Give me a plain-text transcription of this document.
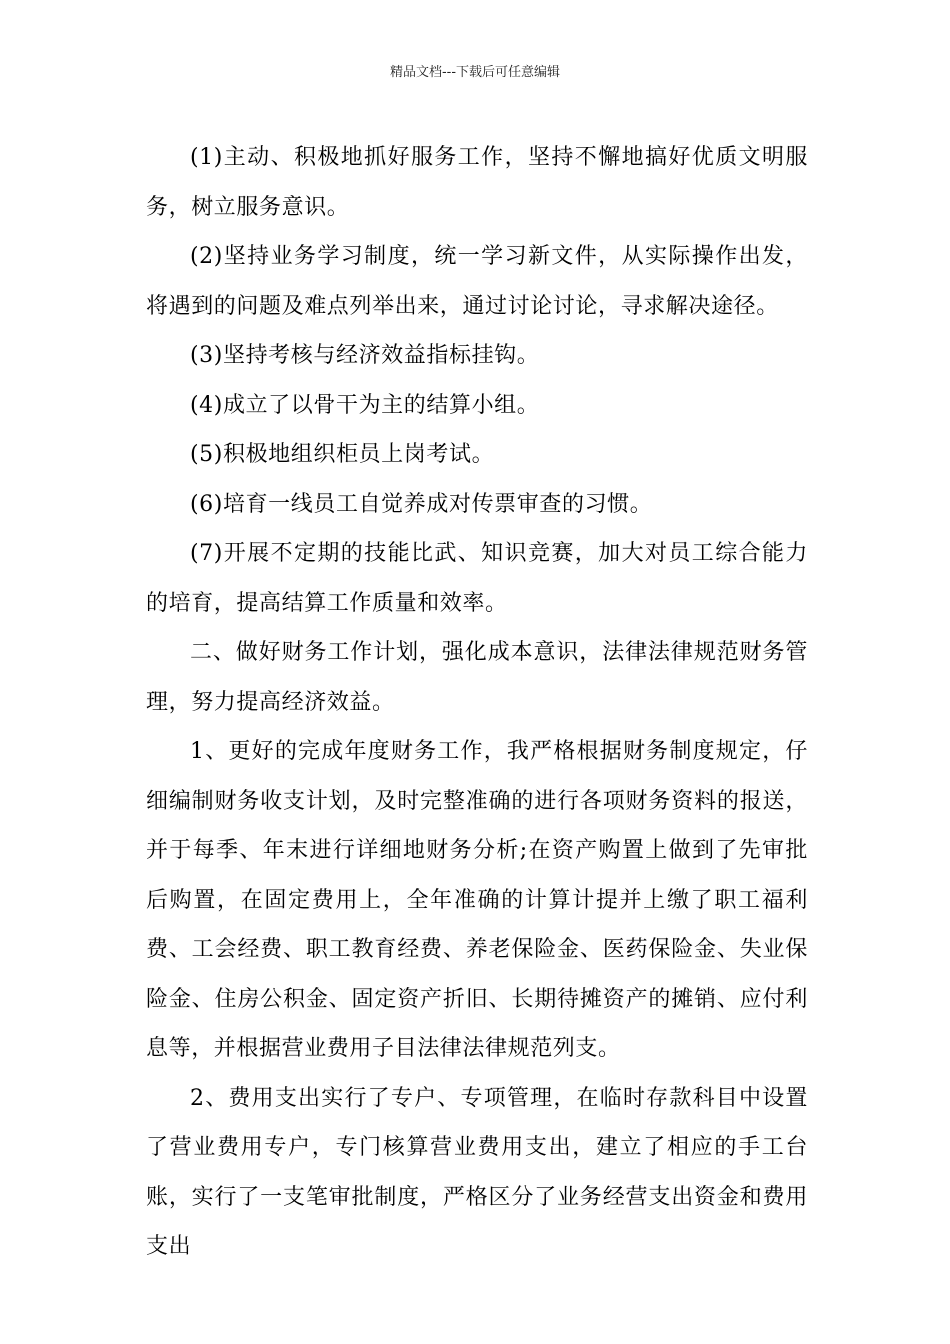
精品文档---下载后可任意编辑

(1)主动、积极地抓好服务工作，坚持不懈地搞好优质文明服务，树立服务意识。

(2)坚持业务学习制度，统一学习新文件，从实际操作出发，将遇到的问题及难点列举出来，通过讨论讨论，寻求解决途径。

(3)坚持考核与经济效益指标挂钩。

(4)成立了以骨干为主的结算小组。

(5)积极地组织柜员上岗考试。

(6)培育一线员工自觉养成对传票审查的习惯。

(7)开展不定期的技能比武、知识竞赛，加大对员工综合能力的培育，提高结算工作质量和效率。

二、做好财务工作计划，强化成本意识，法律法律规范财务管理，努力提高经济效益。

1、更好的完成年度财务工作，我严格根据财务制度规定，仔细编制财务收支计划，及时完整准确的进行各项财务资料的报送，并于每季、年末进行详细地财务分析;在资产购置上做到了先审批后购置，在固定费用上，全年准确的计算计提并上缴了职工福利费、工会经费、职工教育经费、养老保险金、医药保险金、失业保险金、住房公积金、固定资产折旧、长期待摊资产的摊销、应付利息等，并根据营业费用子目法律法律规范列支。

2、费用支出实行了专户、专项管理，在临时存款科目中设置了营业费用专户，专门核算营业费用支出，建立了相应的手工台账，实行了一支笔审批制度，严格区分了业务经营支出资金和费用支出
